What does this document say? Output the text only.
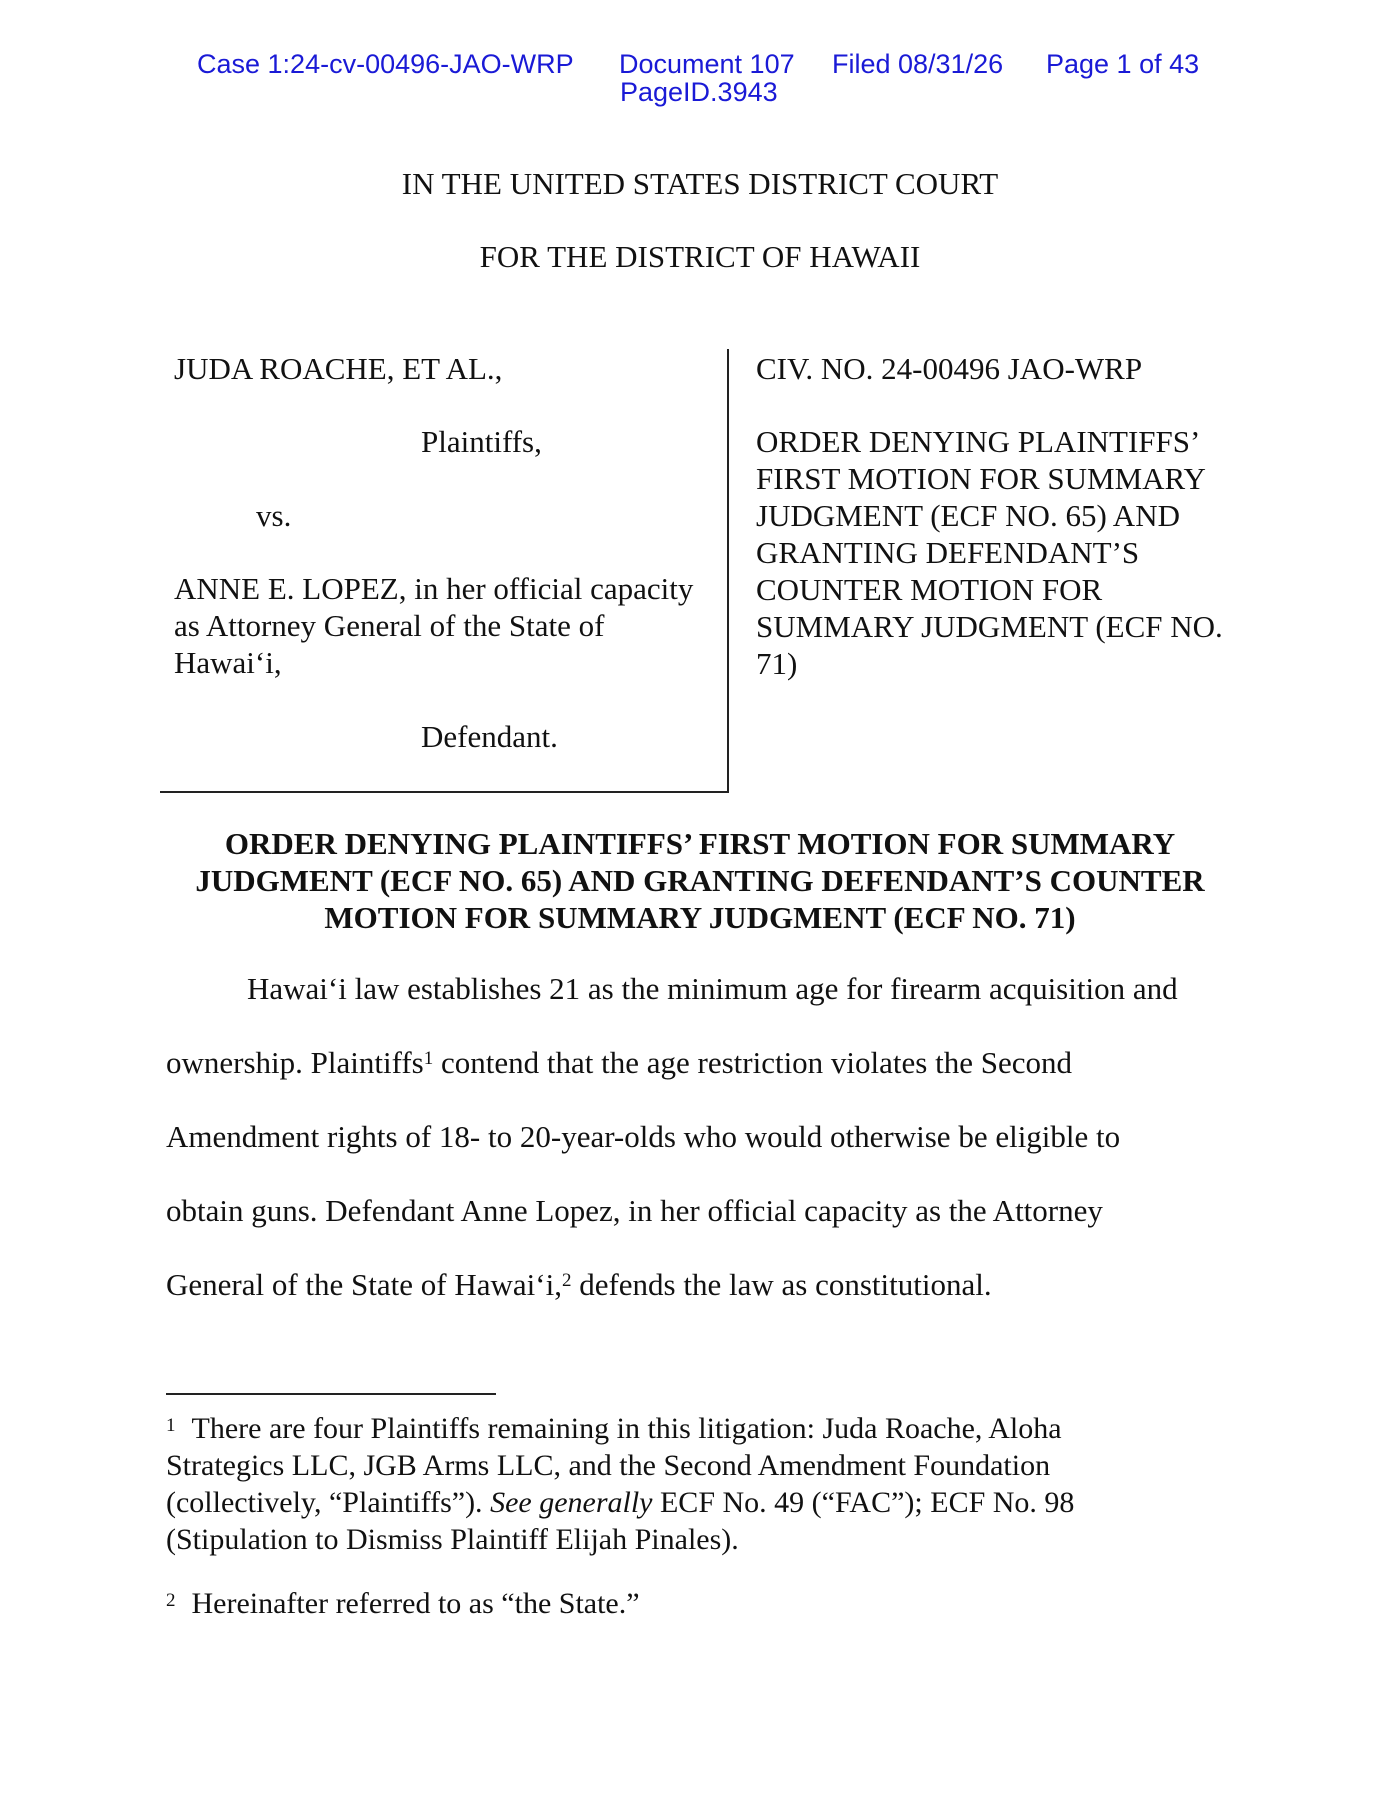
Case 1:24-cv-00496-JAO-WRP Document 107 Filed 08/31/26 Page 1 of 43
PageID.3943
IN THE UNITED STATES DISTRICT COURT
FOR THE DISTRICT OF HAWAII
JUDA ROACHE, ET AL.,
Plaintiffs,
vs.
ANNE E. LOPEZ, in her official capacity
as Attorney General of the State of
Hawai‘i,
Defendant.
CIV. NO. 24-00496 JAO-WRP
ORDER DENYING PLAINTIFFS’
FIRST MOTION FOR SUMMARY
JUDGMENT (ECF NO. 65) AND
GRANTING DEFENDANT’S
COUNTER MOTION FOR
SUMMARY JUDGMENT (ECF NO.
71)
ORDER DENYING PLAINTIFFS’ FIRST MOTION FOR SUMMARY
JUDGMENT (ECF NO. 65) AND GRANTING DEFENDANT’S COUNTER
MOTION FOR SUMMARY JUDGMENT (ECF NO. 71)
Hawai‘i law establishes 21 as the minimum age for firearm acquisition and
ownership. Plaintiffs$^1$ contend that the age restriction violates the Second
Amendment rights of 18- to 20-year-olds who would otherwise be eligible to
obtain guns. Defendant Anne Lopez, in her official capacity as the Attorney
General of the State of Hawai‘i,$^2$ defends the law as constitutional.
$^1$ There are four Plaintiffs remaining in this litigation: Juda Roache, Aloha
Strategics LLC, JGB Arms LLC, and the Second Amendment Foundation
(collectively, “Plaintiffs”). See generally ECF No. 49 (“FAC”); ECF No. 98
(Stipulation to Dismiss Plaintiff Elijah Pinales).
$^2$ Hereinafter referred to as “the State.”
